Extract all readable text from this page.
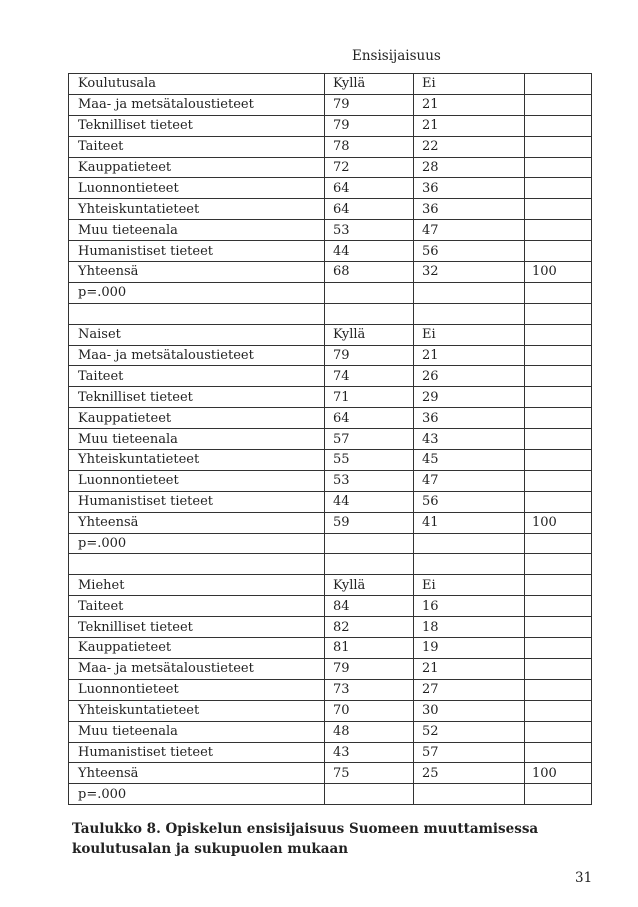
Ensisijaisuus
Koulutusala	Kyllä	Ei	
Maa- ja metsätaloustieteet	79	21	
Teknilliset tieteet	79	21	
Taiteet	78	22	
Kauppatieteet	72	28	
Luonnontieteet	64	36	
Yhteiskuntatieteet	64	36	
Muu tieteenala	53	47	
Humanistiset tieteet	44	56	
Yhteensä	68	32	100
p=.000			

Naiset	Kyllä	Ei	
Maa- ja metsätaloustieteet	79	21	
Taiteet	74	26	
Teknilliset tieteet	71	29	
Kauppatieteet	64	36	
Muu tieteenala	57	43	
Yhteiskuntatieteet	55	45	
Luonnontieteet	53	47	
Humanistiset tieteet	44	56	
Yhteensä	59	41	100
p=.000			

Miehet	Kyllä	Ei	
Taiteet	84	16	
Teknilliset tieteet	82	18	
Kauppatieteet	81	19	
Maa- ja metsätaloustieteet	79	21	
Luonnontieteet	73	27	
Yhteiskuntatieteet	70	30	
Muu tieteenala	48	52	
Humanistiset tieteet	43	57	
Yhteensä	75	25	100
p=.000			
Taulukko 8. Opiskelun ensisijaisuus Suomeen muuttamisessa koulutusalan ja sukupuolen mukaan
31
